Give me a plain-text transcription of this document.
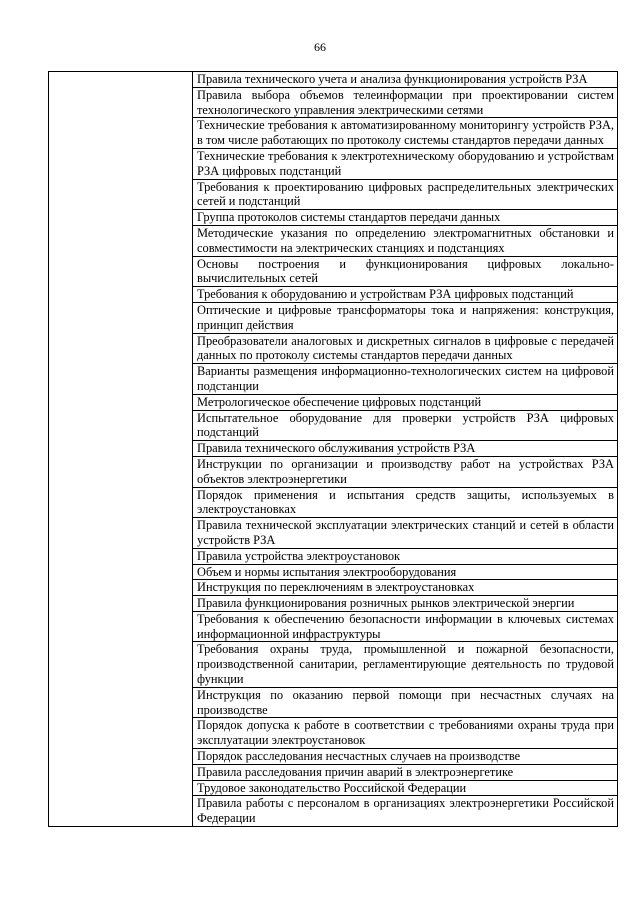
66
	Правила технического учета и анализа функционирования устройств РЗА
Правила выбора объемов телеинформации при проектировании систем технологического управления электрическими сетями
Технические требования к автоматизированному мониторингу устройств РЗА, в том числе работающих по протоколу системы стандартов передачи данных
Технические требования к электротехническому оборудованию и устройствам РЗА цифровых подстанций
Требования к проектированию цифровых распределительных электрических сетей и подстанций
Группа протоколов системы стандартов передачи данных
Методические указания по определению электромагнитных обстановки и совместимости на электрических станциях и подстанциях
Основы построения и функционирования цифровых локально-вычислительных сетей
Требования к оборудованию и устройствам РЗА цифровых подстанций
Оптические и цифровые трансформаторы тока и напряжения: конструкция, принцип действия
Преобразователи аналоговых и дискретных сигналов в цифровые с передачей данных по протоколу системы стандартов передачи данных
Варианты размещения информационно-технологических систем на цифровой подстанции
Метрологическое обеспечение цифровых подстанций
Испытательное оборудование для проверки устройств РЗА цифровых подстанций
Правила технического обслуживания устройств РЗА
Инструкции по организации и производству работ на устройствах РЗА объектов электроэнергетики
Порядок применения и испытания средств защиты, используемых в электроустановках
Правила технической эксплуатации электрических станций и сетей в области устройств РЗА
Правила устройства электроустановок
Объем и нормы испытания электрооборудования
Инструкция по переключениям в электроустановках
Правила функционирования розничных рынков электрической энергии
Требования к обеспечению безопасности информации в ключевых системах информационной инфраструктуры
Требования охраны труда, промышленной и пожарной безопасности, производственной санитарии, регламентирующие деятельность по трудовой функции
Инструкция по оказанию первой помощи при несчастных случаях на производстве
Порядок допуска к работе в соответствии с требованиями охраны труда при эксплуатации электроустановок
Порядок расследования несчастных случаев на производстве
Правила расследования причин аварий в электроэнергетике
Трудовое законодательство Российской Федерации
Правила работы с персоналом в организациях электроэнергетики Российской Федерации
